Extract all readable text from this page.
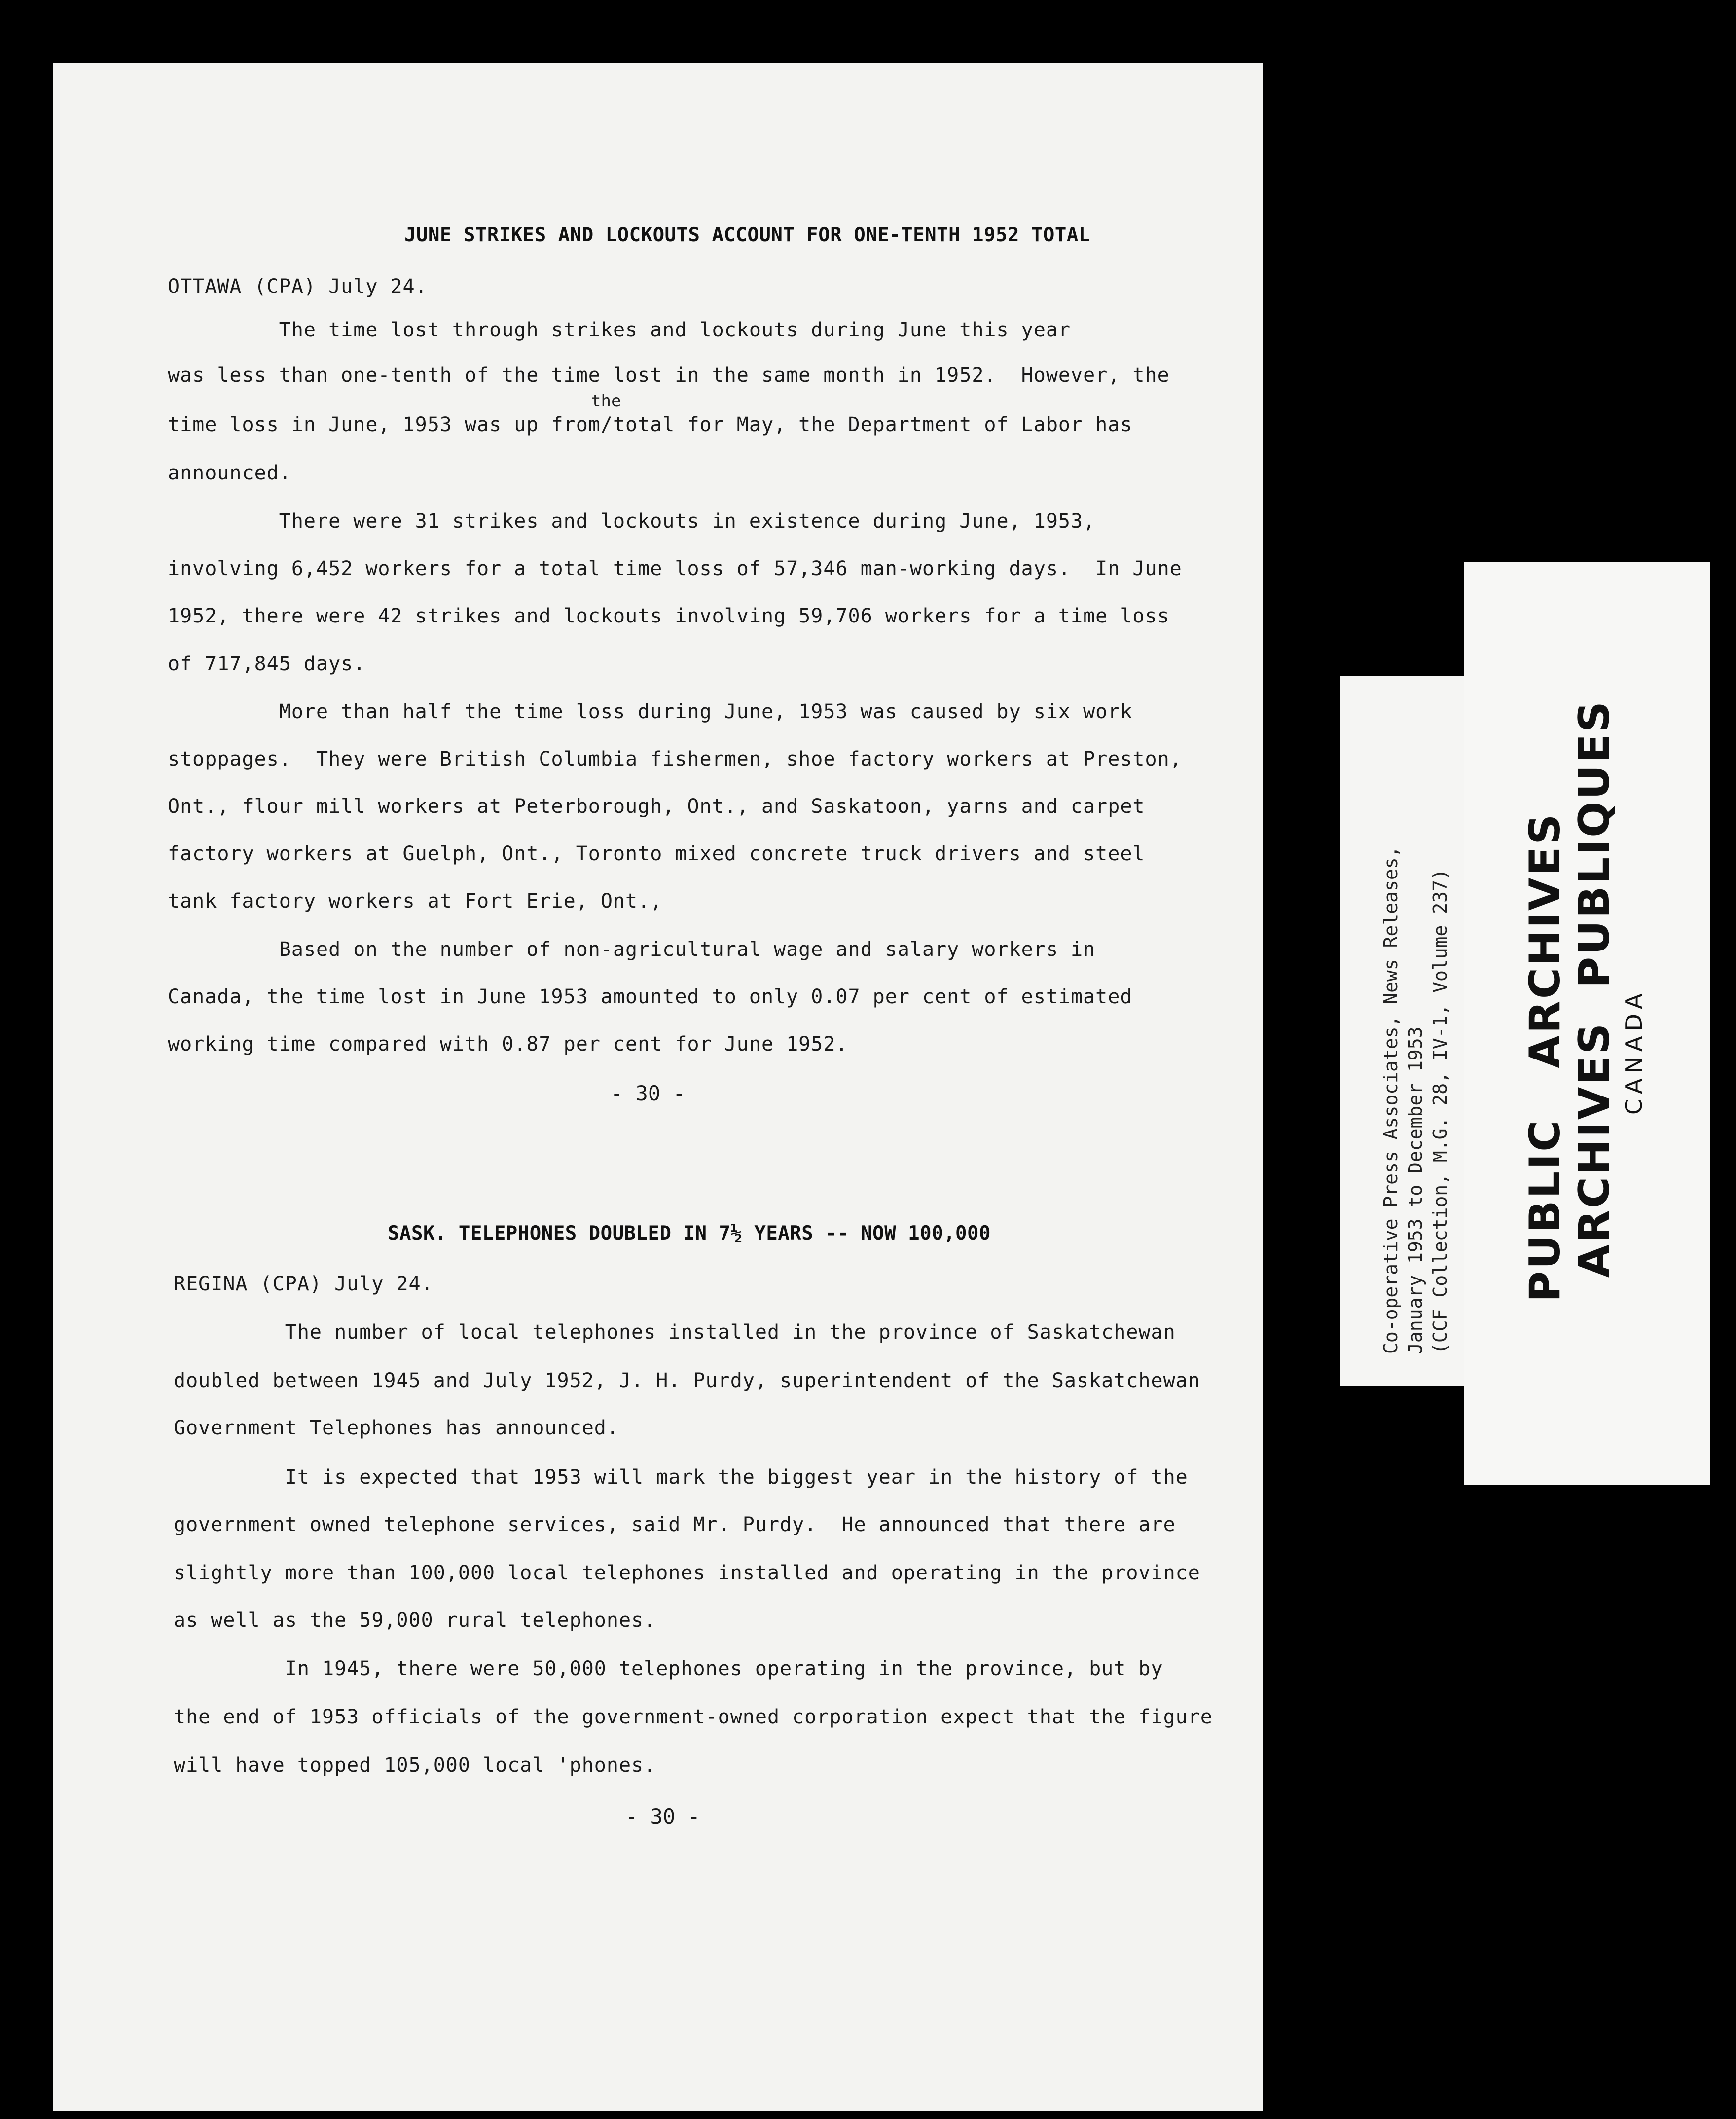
JUNE STRIKES AND LOCKOUTS ACCOUNT FOR ONE-TENTH 1952 TOTAL
OTTAWA (CPA) July 24.
the
The time lost through strikes and lockouts during June this year
was less than one-tenth of the time lost in the same month in 1952.  However, the
time loss in June, 1953 was up from/total for May, the Department of Labor has
announced.
There were 31 strikes and lockouts in existence during June, 1953,
involving 6,452 workers for a total time loss of 57,346 man-working days.  In June
1952, there were 42 strikes and lockouts involving 59,706 workers for a time loss
of 717,845 days.
More than half the time loss during June, 1953 was caused by six work
stoppages.  They were British Columbia fishermen, shoe factory workers at Preston,
Ont., flour mill workers at Peterborough, Ont., and Saskatoon, yarns and carpet
factory workers at Guelph, Ont., Toronto mixed concrete truck drivers and steel
tank factory workers at Fort Erie, Ont.,
Based on the number of non-agricultural wage and salary workers in
Canada, the time lost in June 1953 amounted to only 0.07 per cent of estimated
working time compared with 0.87 per cent for June 1952.
- 30 -
SASK. TELEPHONES DOUBLED IN 7½ YEARS -- NOW 100,000
REGINA (CPA) July 24.
The number of local telephones installed in the province of Saskatchewan
doubled between 1945 and July 1952, J. H. Purdy, superintendent of the Saskatchewan
Government Telephones has announced.
It is expected that 1953 will mark the biggest year in the history of the
government owned telephone services, said Mr. Purdy.  He announced that there are
slightly more than 100,000 local telephones installed and operating in the province
as well as the 59,000 rural telephones.
In 1945, there were 50,000 telephones operating in the province, but by
the end of 1953 officials of the government-owned corporation expect that the figure
will have topped 105,000 local 'phones.
- 30 -
Co-operative Press Associates, News Releases, January 1953 to December 1953 (CCF Collection, M.G. 28, IV-1, Volume 237) PUBLIC   ARCHIVES ARCHIVES  PUBLIQUES CANADA
